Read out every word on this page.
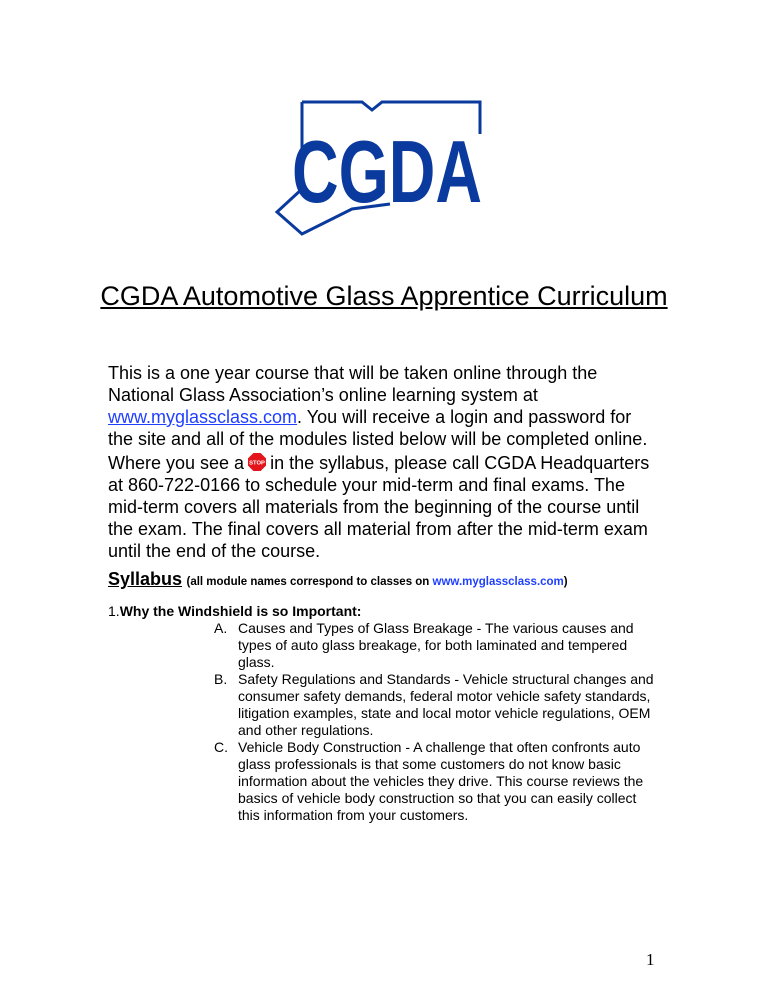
CGDA
CGDA Automotive Glass Apprentice Curriculum
This is a one year course that will be taken online through the
National Glass Association’s online learning system at
www.myglassclass.com. You will receive a login and password for
the site and all of the modules listed below will be completed online.
Where you see a STOP in the syllabus, please call CGDA Headquarters
at 860-722-0166 to schedule your mid-term and final exams. The
mid-term covers all materials from the beginning of the course until
the exam. The final covers all material from after the mid-term exam
until the end of the course.
Syllabus (all module names correspond to classes on www.myglassclass.com)
1.Why the Windshield is so Important:
A. Causes and Types of Glass Breakage - The various causes and
types of auto glass breakage, for both laminated and tempered
glass.
B. Safety Regulations and Standards - Vehicle structural changes and
consumer safety demands, federal motor vehicle safety standards,
litigation examples, state and local motor vehicle regulations, OEM
and other regulations.
C. Vehicle Body Construction - A challenge that often confronts auto
glass professionals is that some customers do not know basic
information about the vehicles they drive. This course reviews the
basics of vehicle body construction so that you can easily collect
this information from your customers.
1
